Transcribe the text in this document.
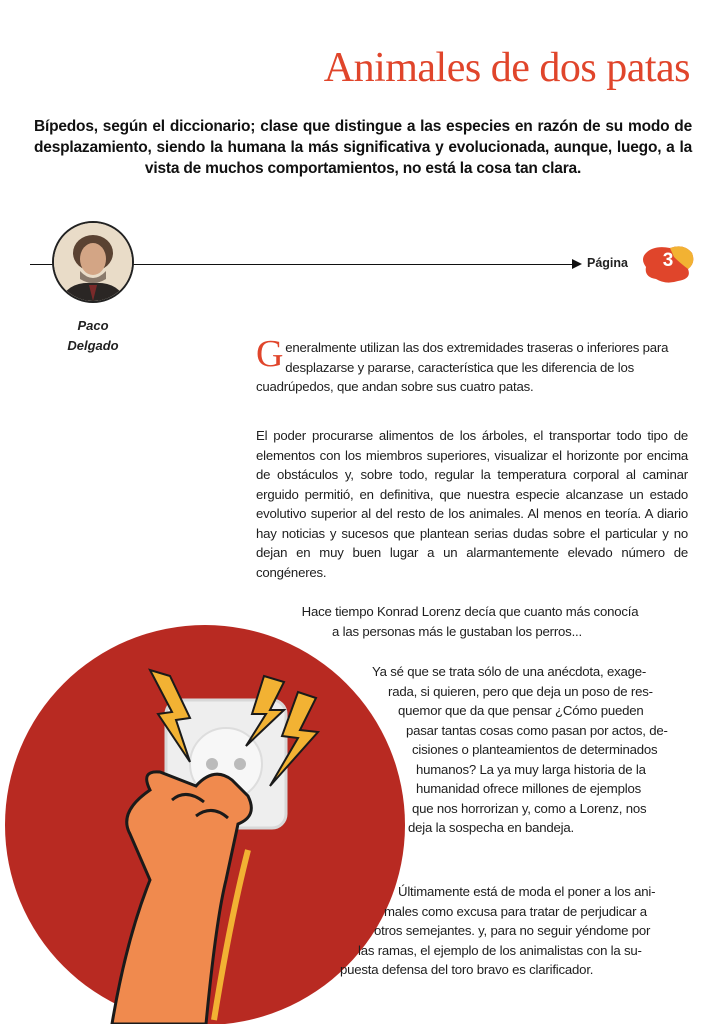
Animales de dos patas
Bípedos, según el diccionario; clase que distingue a las especies en razón de su modo de desplazamiento, siendo la humana la más significativa y evolucionada, aunque, luego, a la vista de muchos comportamientos, no está la cosa tan clara.
Paco
Delgado
Página	3
G eneralmente utilizan las dos extremidades traseras o inferiores para desplazarse y pararse, característica que les diferencia de los cuadrúpedos, que andan sobre sus cuatro patas.

El poder procurarse alimentos de los árboles, el transportar todo tipo de elementos con los miembros superiores, visualizar el horizonte por encima de obstáculos y, sobre todo, regular la temperatura corporal al caminar erguido permitió, en definitiva, que nuestra especie alcanzase un estado evolutivo superior al del resto de los animales. Al menos en teoría. A diario hay noticias y sucesos que plantean serias dudas sobre el particular y no dejan en muy buen lugar a un alarmantemente elevado número de congéneres.

Hace tiempo Konrad Lorenz decía que cuanto más conocía
a las personas más le gustaban los perros...
Ya sé que se trata sólo de una anécdota, exage-
rada, si quieren, pero que deja un poso de res-
quemor que da que pensar ¿Cómo pueden
pasar tantas cosas como pasan por actos, de-
cisiones o planteamientos de determinados
humanos? La ya muy larga historia de la
humanidad ofrece millones de ejemplos
que nos horrorizan y, como a Lorenz, nos
deja la sospecha en bandeja.
Últimamente está de moda el poner a los ani-
males como excusa para tratar de perjudicar a
otros semejantes. y, para no seguir yéndome por
las ramas, el ejemplo de los animalistas con la su-
puesta defensa del toro bravo es clarificador.
